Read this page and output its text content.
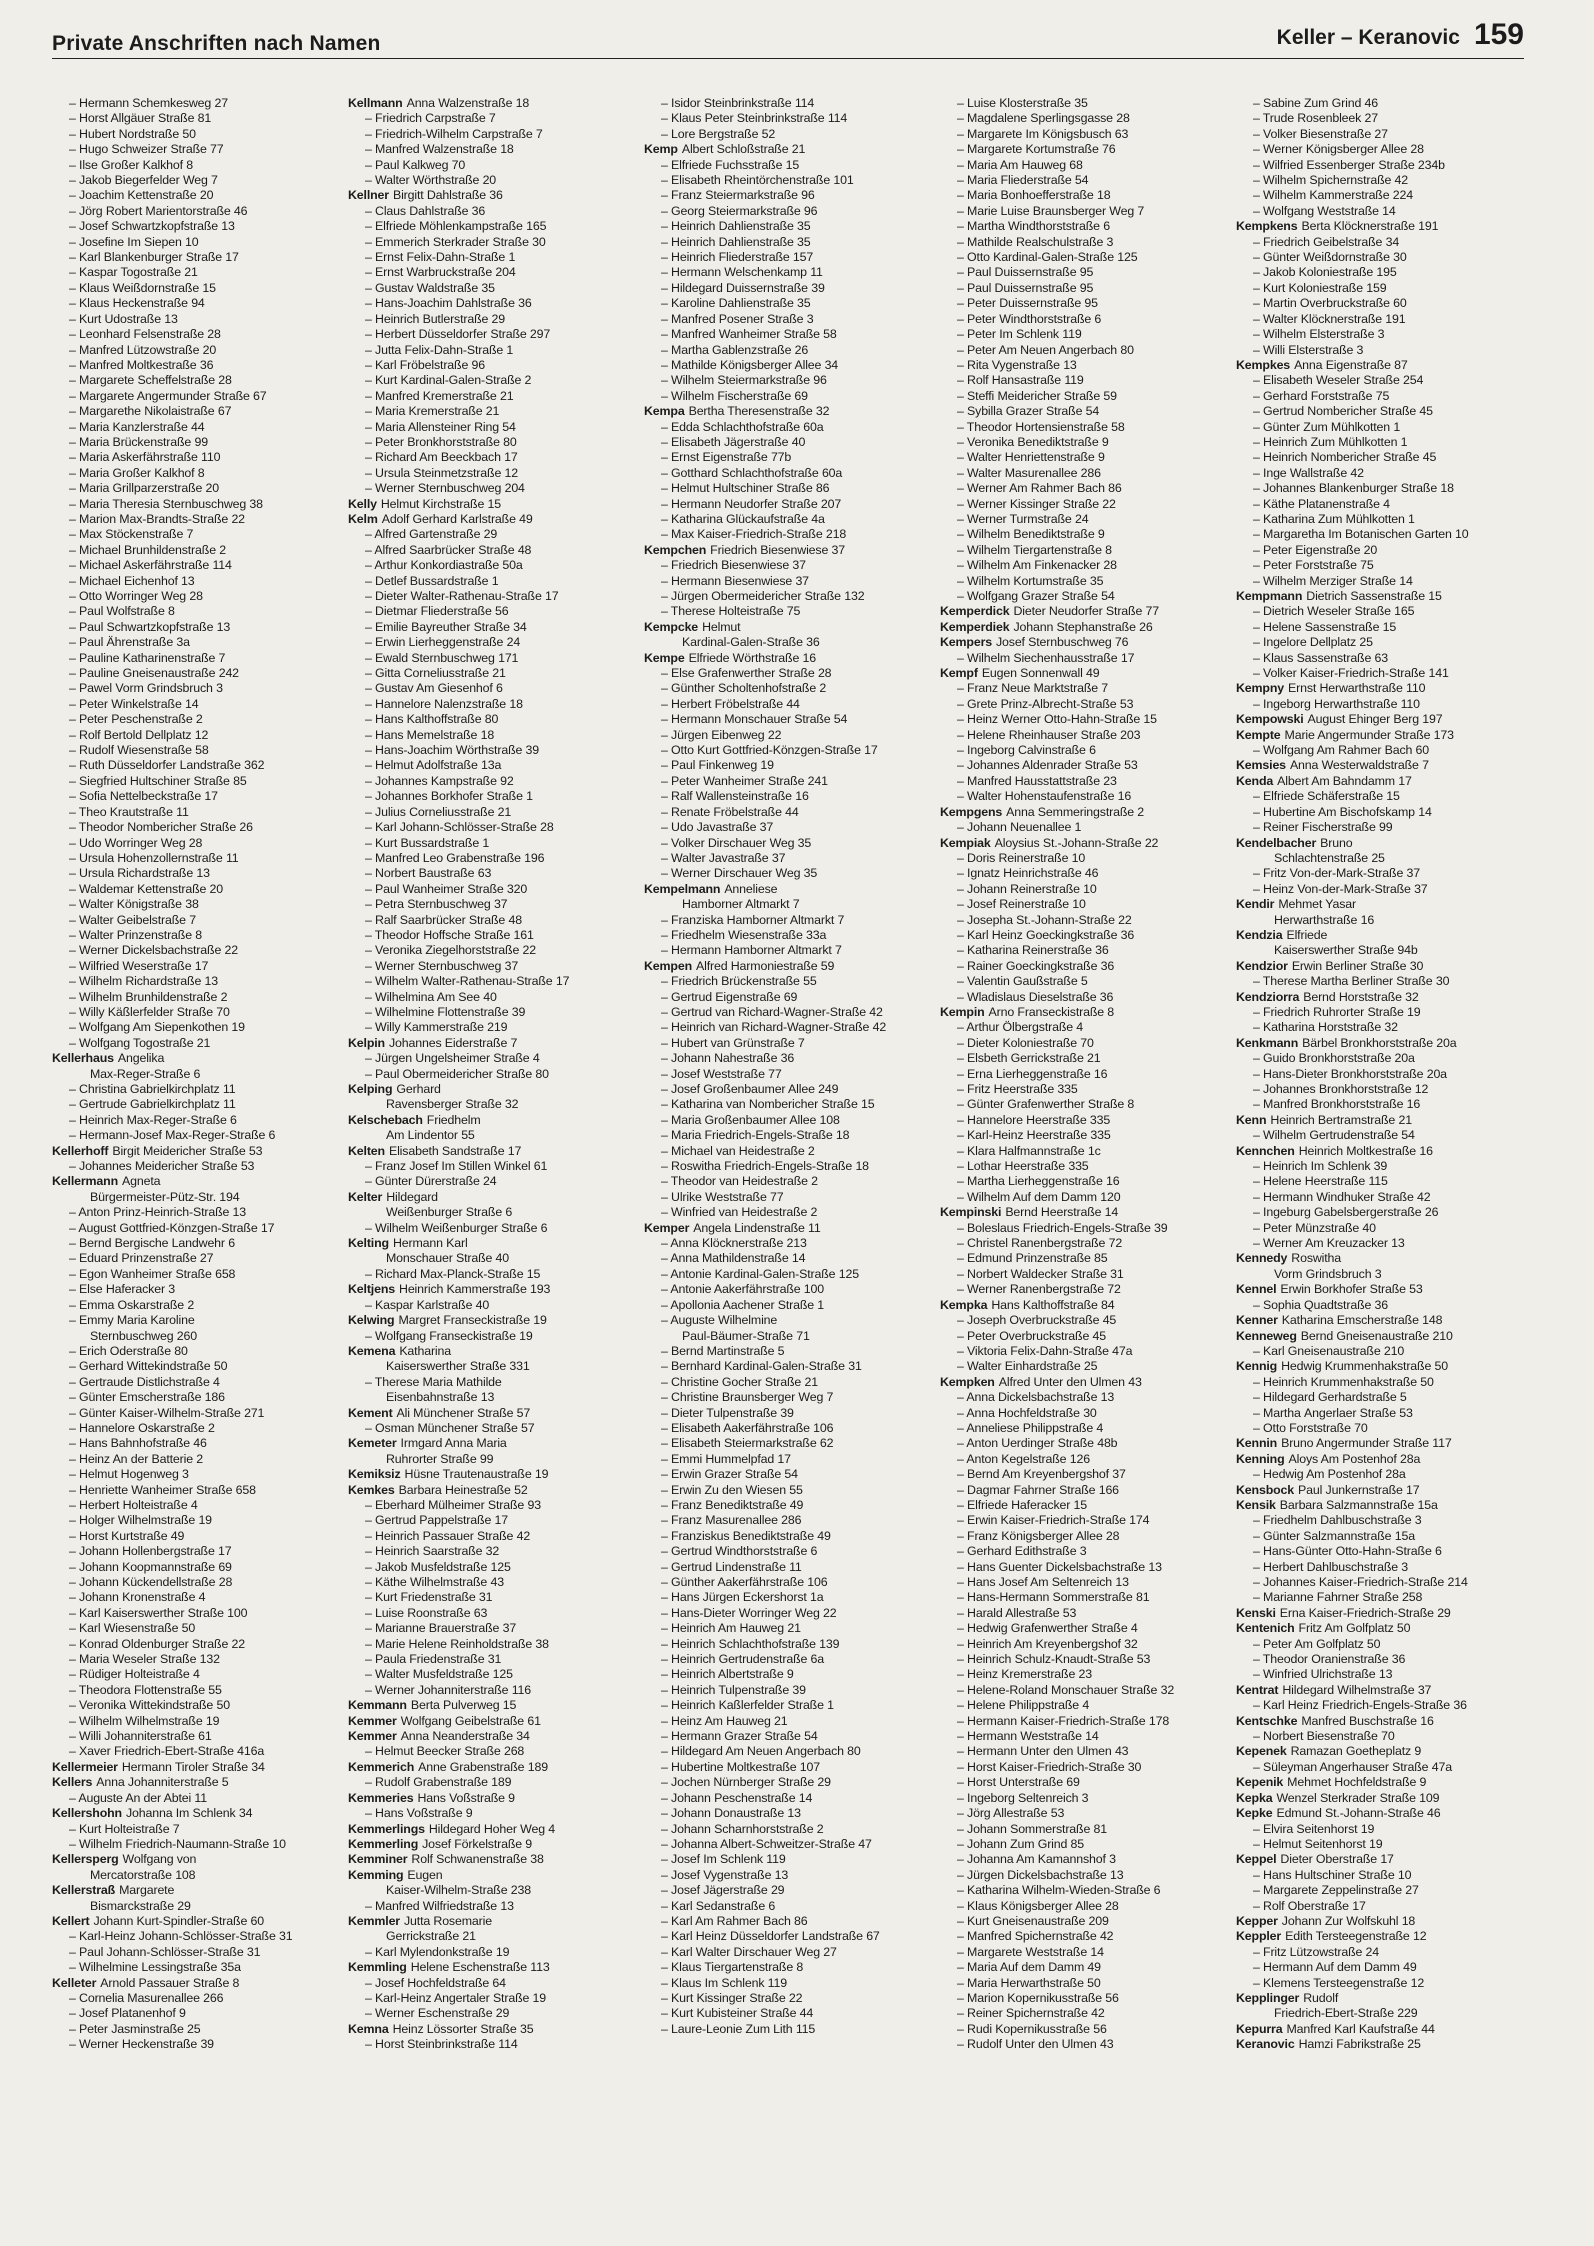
Private Anschriften nach Namen	Keller – Keranovic 159
– Hermann Schemkesweg 27
– Horst Allgäuer Straße 81
– Hubert Nordstraße 50
– Hugo Schweizer Straße 77
– Ilse Großer Kalkhof 8
– Jakob Biegerfelder Weg 7
– Joachim Kettenstraße 20
– Jörg Robert Marientorstraße 46
– Josef Schwartzkopfstraße 13
– Josefine Im Siepen 10
– Karl Blankenburger Straße 17
– Kaspar Togostraße 21
– Klaus Weißdornstraße 15
– Klaus Heckenstraße 94
– Kurt Udostraße 13
– Leonhard Felsenstraße 28
– Manfred Lützowstraße 20
– Manfred Moltkestraße 36
– Margarete Scheffelstraße 28
– Margarete Angermunder Straße 67
– Margarethe Nikolaistraße 67
– Maria Kanzlerstraße 44
– Maria Brückenstraße 99
– Maria Askerfährstraße 110
– Maria Großer Kalkhof 8
– Maria Grillparzerstraße 20
– Maria Theresia Sternbuschweg 38
– Marion Max-Brandts-Straße 22
– Max Stöckenstraße 7
– Michael Brunhildenstraße 2
– Michael Askerfährstraße 114
– Michael Eichenhof 13
– Otto Worringer Weg 28
– Paul Wolfstraße 8
– Paul Schwartzkopfstraße 13
– Paul Ährenstraße 3a
– Pauline Katharinenstraße 7
– Pauline Gneisenaustraße 242
– Pawel Vorm Grindsbruch 3
– Peter Winkelstraße 14
– Peter Peschenstraße 2
– Rolf Bertold Dellplatz 12
– Rudolf Wiesenstraße 58
– Ruth Düsseldorfer Landstraße 362
– Siegfried Hultschiner Straße 85
– Sofia Nettelbeckstraße 17
– Theo Krautstraße 11
– Theodor Nombericher Straße 26
– Udo Worringer Weg 28
– Ursula Hohenzollernstraße 11
– Ursula Richardstraße 13
– Waldemar Kettenstraße 20
– Walter Königstraße 38
– Walter Geibelstraße 7
– Walter Prinzenstraße 8
– Werner Dickelsbachstraße 22
– Wilfried Weserstraße 17
– Wilhelm Richardstraße 13
– Wilhelm Brunhildenstraße 2
– Willy Käßlerfelder Straße 70
– Wolfgang Am Siepenkothen 19
– Wolfgang Togostraße 21
Kellerhaus Angelika
Max-Reger-Straße 6
– Christina Gabrielkirchplatz 11
– Gertrude Gabrielkirchplatz 11
– Heinrich Max-Reger-Straße 6
– Hermann-Josef Max-Reger-Straße 6
Kellerhoff Birgit Meidericher Straße 53
– Johannes Meidericher Straße 53
Kellermann Agneta
Bürgermeister-Pütz-Str. 194
– Anton Prinz-Heinrich-Straße 13
– August Gottfried-Könzgen-Straße 17
– Bernd Bergische Landwehr 6
– Eduard Prinzenstraße 27
– Egon Wanheimer Straße 658
– Else Haferacker 3
– Emma Oskarstraße 2
– Emmy Maria Karoline
Sternbuschweg 260
– Erich Oderstraße 80
– Gerhard Wittekindstraße 50
– Gertraude Distlichstraße 4
– Günter Emscherstraße 186
– Günter Kaiser-Wilhelm-Straße 271
– Hannelore Oskarstraße 2
– Hans Bahnhofstraße 46
– Heinz An der Batterie 2
– Helmut Hogenweg 3
– Henriette Wanheimer Straße 658
– Herbert Holteistraße 4
– Holger Wilhelmstraße 19
– Horst Kurtstraße 49
– Johann Hollenbergstraße 17
– Johann Koopmannstraße 69
– Johann Kückendellstraße 28
– Johann Kronenstraße 4
– Karl Kaiserswerther Straße 100
– Karl Wiesenstraße 50
– Konrad Oldenburger Straße 22
– Maria Weseler Straße 132
– Rüdiger Holteistraße 4
– Theodora Flottenstraße 55
– Veronika Wittekindstraße 50
– Wilhelm Wilhelmstraße 19
– Willi Johanniterstraße 61
– Xaver Friedrich-Ebert-Straße 416a
Kellermeier Hermann Tiroler Straße 34
Kellers Anna Johanniterstraße 5
– Auguste An der Abtei 11
Kellershohn Johanna Im Schlenk 34
– Kurt Holteistraße 7
– Wilhelm Friedrich-Naumann-Straße 10
Kellersperg Wolfgang von
Mercatorstraße 108
Kellerstraß Margarete
Bismarckstraße 29
Kellert Johann Kurt-Spindler-Straße 60
– Karl-Heinz Johann-Schlösser-Straße 31
– Paul Johann-Schlösser-Straße 31
– Wilhelmine Lessingstraße 35a
Kelleter Arnold Passauer Straße 8
– Cornelia Masurenallee 266
– Josef Platanenhof 9
– Peter Jasminstraße 25
– Werner Heckenstraße 39
Kellmann Anna Walzenstraße 18
– Friedrich Carpstraße 7
– Friedrich-Wilhelm Carpstraße 7
– Manfred Walzenstraße 18
– Paul Kalkweg 70
– Walter Wörthstraße 20
Kellner Birgitt Dahlstraße 36
– Claus Dahlstraße 36
– Elfriede Möhlenkampstraße 165
– Emmerich Sterkrader Straße 30
– Ernst Felix-Dahn-Straße 1
– Ernst Warbruckstraße 204
– Gustav Waldstraße 35
– Hans-Joachim Dahlstraße 36
– Heinrich Butlerstraße 29
– Herbert Düsseldorfer Straße 297
– Jutta Felix-Dahn-Straße 1
– Karl Fröbelstraße 96
– Kurt Kardinal-Galen-Straße 2
– Manfred Kremerstraße 21
– Maria Kremerstraße 21
– Maria Allensteiner Ring 54
– Peter Bronkhorststraße 80
– Richard Am Beeckbach 17
– Ursula Steinmetzstraße 12
– Werner Sternbuschweg 204
Kelly Helmut Kirchstraße 15
Kelm Adolf Gerhard Karlstraße 49
– Alfred Gartenstraße 29
– Alfred Saarbrücker Straße 48
– Arthur Konkordiastraße 50a
– Detlef Bussardstraße 1
– Dieter Walter-Rathenau-Straße 17
– Dietmar Fliederstraße 56
– Emilie Bayreuther Straße 34
– Erwin Lierheggenstraße 24
– Ewald Sternbuschweg 171
– Gitta Corneliusstraße 21
– Gustav Am Giesenhof 6
– Hannelore Nalenzstraße 18
– Hans Kalthoffstraße 80
– Hans Memelstraße 18
– Hans-Joachim Wörthstraße 39
– Helmut Adolfstraße 13a
– Johannes Kampstraße 92
– Johannes Borkhofer Straße 1
– Julius Corneliusstraße 21
– Karl Johann-Schlösser-Straße 28
– Kurt Bussardstraße 1
– Manfred Leo Grabenstraße 196
– Norbert Baustraße 63
– Paul Wanheimer Straße 320
– Petra Sternbuschweg 37
– Ralf Saarbrücker Straße 48
– Theodor Hoffsche Straße 161
– Veronika Ziegelhorststraße 22
– Werner Sternbuschweg 37
– Wilhelm Walter-Rathenau-Straße 17
– Wilhelmina Am See 40
– Wilhelmine Flottenstraße 39
– Willy Kammerstraße 219
Kelpin Johannes Eiderstraße 7
– Jürgen Ungelsheimer Straße 4
– Paul Obermeidericher Straße 80
Kelping Gerhard
Ravensberger Straße 32
Kelschebach Friedhelm
Am Lindentor 55
Kelten Elisabeth Sandstraße 17
– Franz Josef Im Stillen Winkel 61
– Günter Dürerstraße 24
Kelter Hildegard
Weißenburger Straße 6
– Wilhelm Weißenburger Straße 6
Kelting Hermann Karl
Monschauer Straße 40
– Richard Max-Planck-Straße 15
Keltjens Heinrich Kammerstraße 193
– Kaspar Karlstraße 40
Kelwing Margret Franseckistraße 19
– Wolfgang Franseckistraße 19
Kemena Katharina
Kaiserswerther Straße 331
– Therese Maria Mathilde
Eisenbahnstraße 13
Kement Ali Münchener Straße 57
– Osman Münchener Straße 57
Kemeter Irmgard Anna Maria
Ruhrorter Straße 99
Kemiksiz Hüsne Trautenaustraße 19
Kemkes Barbara Heinestraße 52
– Eberhard Mülheimer Straße 93
– Gertrud Pappelstraße 17
– Heinrich Passauer Straße 42
– Heinrich Saarstraße 32
– Jakob Musfeldstraße 125
– Käthe Wilhelmstraße 43
– Kurt Friedenstraße 31
– Luise Roonstraße 63
– Marianne Brauerstraße 37
– Marie Helene Reinholdstraße 38
– Paula Friedenstraße 31
– Walter Musfeldstraße 125
– Werner Johanniterstraße 116
Kemmann Berta Pulverweg 15
Kemmer Wolfgang Geibelstraße 61
Kemmer Anna Neanderstraße 34
– Helmut Beecker Straße 268
Kemmerich Anne Grabenstraße 189
– Rudolf Grabenstraße 189
Kemmeries Hans Voßstraße 9
– Hans Voßstraße 9
Kemmerlings Hildegard Hoher Weg 4
Kemmerling Josef Förkelstraße 9
Kemminer Rolf Schwanenstraße 38
Kemming Eugen
Kaiser-Wilhelm-Straße 238
– Manfred Wilfriedstraße 13
Kemmler Jutta Rosemarie
Gerrickstraße 21
– Karl Mylendonkstraße 19
Kemmling Helene Eschenstraße 113
– Josef Hochfeldstraße 64
– Karl-Heinz Angertaler Straße 19
– Werner Eschenstraße 29
Kemna Heinz Lössorter Straße 35
– Horst Steinbrinkstraße 114
– Isidor Steinbrinkstraße 114
– Klaus Peter Steinbrinkstraße 114
– Lore Bergstraße 52
Kemp Albert Schloßstraße 21
– Elfriede Fuchsstraße 15
– Elisabeth Rheintörchenstraße 101
– Franz Steiermarkstraße 96
– Georg Steiermarkstraße 96
– Heinrich Dahlienstraße 35
– Heinrich Dahlienstraße 35
– Heinrich Fliederstraße 157
– Hermann Welschenkamp 11
– Hildegard Duissernstraße 39
– Karoline Dahlienstraße 35
– Manfred Posener Straße 3
– Manfred Wanheimer Straße 58
– Martha Gablenzstraße 26
– Mathilde Königsberger Allee 34
– Wilhelm Steiermarkstraße 96
– Wilhelm Fischerstraße 69
Kempa Bertha Theresenstraße 32
– Edda Schlachthofstraße 60a
– Elisabeth Jägerstraße 40
– Ernst Eigenstraße 77b
– Gotthard Schlachthofstraße 60a
– Helmut Hultschiner Straße 86
– Hermann Neudorfer Straße 207
– Katharina Glückaufstraße 4a
– Max Kaiser-Friedrich-Straße 218
Kempchen Friedrich Biesenwiese 37
– Friedrich Biesenwiese 37
– Hermann Biesenwiese 37
– Jürgen Obermeidericher Straße 132
– Therese Holteistraße 75
Kempcke Helmut
Kardinal-Galen-Straße 36
Kempe Elfriede Wörthstraße 16
– Else Grafenwerther Straße 28
– Günther Scholtenhofstraße 2
– Herbert Fröbelstraße 44
– Hermann Monschauer Straße 54
– Jürgen Eibenweg 22
– Otto Kurt Gottfried-Könzgen-Straße 17
– Paul Finkenweg 19
– Peter Wanheimer Straße 241
– Ralf Wallensteinstraße 16
– Renate Fröbelstraße 44
– Udo Javastraße 37
– Volker Dirschauer Weg 35
– Walter Javastraße 37
– Werner Dirschauer Weg 35
Kempelmann Anneliese
Hamborner Altmarkt 7
– Franziska Hamborner Altmarkt 7
– Friedhelm Wiesenstraße 33a
– Hermann Hamborner Altmarkt 7
Kempen Alfred Harmoniestraße 59
– Friedrich Brückenstraße 55
– Gertrud Eigenstraße 69
– Gertrud van Richard-Wagner-Straße 42
– Heinrich van Richard-Wagner-Straße 42
– Hubert van Grünstraße 7
– Johann Nahestraße 36
– Josef Weststraße 77
– Josef Großenbaumer Allee 249
– Katharina van Nombericher Straße 15
– Maria Großenbaumer Allee 108
– Maria Friedrich-Engels-Straße 18
– Michael van Heidestraße 2
– Roswitha Friedrich-Engels-Straße 18
– Theodor van Heidestraße 2
– Ulrike Weststraße 77
– Winfried van Heidestraße 2
Kemper Angela Lindenstraße 11
– Anna Klöcknerstraße 213
– Anna Mathildenstraße 14
– Antonie Kardinal-Galen-Straße 125
– Antonie Aakerfährstraße 100
– Apollonia Aachener Straße 1
– Auguste Wilhelmine
Paul-Bäumer-Straße 71
– Bernd Martinstraße 5
– Bernhard Kardinal-Galen-Straße 31
– Christine Gocher Straße 21
– Christine Braunsberger Weg 7
– Dieter Tulpenstraße 39
– Elisabeth Aakerfährstraße 106
– Elisabeth Steiermarkstraße 62
– Emmi Hummelpfad 17
– Erwin Grazer Straße 54
– Erwin Zu den Wiesen 55
– Franz Benediktstraße 49
– Franz Masurenallee 286
– Franziskus Benediktstraße 49
– Gertrud Windthorststraße 6
– Gertrud Lindenstraße 11
– Günther Aakerfährstraße 106
– Hans Jürgen Eckershorst 1a
– Hans-Dieter Worringer Weg 22
– Heinrich Am Hauweg 21
– Heinrich Schlachthofstraße 139
– Heinrich Gertrudenstraße 6a
– Heinrich Albertstraße 9
– Heinrich Tulpenstraße 39
– Heinrich Kaßlerfelder Straße 1
– Heinz Am Hauweg 21
– Hermann Grazer Straße 54
– Hildegard Am Neuen Angerbach 80
– Hubertine Moltkestraße 107
– Jochen Nürnberger Straße 29
– Johann Peschenstraße 14
– Johann Donaustraße 13
– Johann Scharnhorststraße 2
– Johanna Albert-Schweitzer-Straße 47
– Josef Im Schlenk 119
– Josef Vygenstraße 13
– Josef Jägerstraße 29
– Karl Sedanstraße 6
– Karl Am Rahmer Bach 86
– Karl Heinz Düsseldorfer Landstraße 67
– Karl Walter Dirschauer Weg 27
– Klaus Tiergartenstraße 8
– Klaus Im Schlenk 119
– Kurt Kissinger Straße 22
– Kurt Kubisteiner Straße 44
– Laure-Leonie Zum Lith 115
– Luise Klosterstraße 35
– Magdalene Sperlingsgasse 28
– Margarete Im Königsbusch 63
– Margarete Kortumstraße 76
– Maria Am Hauweg 68
– Maria Fliederstraße 54
– Maria Bonhoefferstraße 18
– Marie Luise Braunsberger Weg 7
– Martha Windthorststraße 6
– Mathilde Realschulstraße 3
– Otto Kardinal-Galen-Straße 125
– Paul Duissernstraße 95
– Paul Duissernstraße 95
– Peter Duissernstraße 95
– Peter Windthorststraße 6
– Peter Im Schlenk 119
– Peter Am Neuen Angerbach 80
– Rita Vygenstraße 13
– Rolf Hansastraße 119
– Steffi Meidericher Straße 59
– Sybilla Grazer Straße 54
– Theodor Hortensienstraße 58
– Veronika Benediktstraße 9
– Walter Henriettenstraße 9
– Walter Masurenallee 286
– Werner Am Rahmer Bach 86
– Werner Kissinger Straße 22
– Werner Turmstraße 24
– Wilhelm Benediktstraße 9
– Wilhelm Tiergartenstraße 8
– Wilhelm Am Finkenacker 28
– Wilhelm Kortumstraße 35
– Wolfgang Grazer Straße 54
Kemperdick Dieter Neudorfer Straße 77
Kemperdiek Johann Stephanstraße 26
Kempers Josef Sternbuschweg 76
– Wilhelm Siechenhausstraße 17
Kempf Eugen Sonnenwall 49
– Franz Neue Marktstraße 7
– Grete Prinz-Albrecht-Straße 53
– Heinz Werner Otto-Hahn-Straße 15
– Helene Rheinhauser Straße 203
– Ingeborg Calvinstraße 6
– Johannes Aldenrader Straße 53
– Manfred Hausstattstraße 23
– Walter Hohenstaufenstraße 16
Kempgens Anna Semmeringstraße 2
– Johann Neuenallee 1
Kempiak Aloysius St.-Johann-Straße 22
– Doris Reinerstraße 10
– Ignatz Heinrichstraße 46
– Johann Reinerstraße 10
– Josef Reinerstraße 10
– Josepha St.-Johann-Straße 22
– Karl Heinz Goeckingkstraße 36
– Katharina Reinerstraße 36
– Rainer Goeckingkstraße 36
– Valentin Gaußstraße 5
– Wladislaus Dieselstraße 36
Kempin Arno Franseckistraße 8
– Arthur Ölbergstraße 4
– Dieter Koloniestraße 70
– Elsbeth Gerrickstraße 21
– Erna Lierheggenstraße 16
– Fritz Heerstraße 335
– Günter Grafenwerther Straße 8
– Hannelore Heerstraße 335
– Karl-Heinz Heerstraße 335
– Klara Halfmannstraße 1c
– Lothar Heerstraße 335
– Martha Lierheggenstraße 16
– Wilhelm Auf dem Damm 120
Kempinski Bernd Heerstraße 14
– Boleslaus Friedrich-Engels-Straße 39
– Christel Ranenbergstraße 72
– Edmund Prinzenstraße 85
– Norbert Waldecker Straße 31
– Werner Ranenbergstraße 72
Kempka Hans Kalthoffstraße 84
– Joseph Overbruckstraße 45
– Peter Overbruckstraße 45
– Viktoria Felix-Dahn-Straße 47a
– Walter Einhardstraße 25
Kempken Alfred Unter den Ulmen 43
– Anna Dickelsbachstraße 13
– Anna Hochfeldstraße 30
– Anneliese Philippstraße 4
– Anton Uerdinger Straße 48b
– Anton Kegelstraße 126
– Bernd Am Kreyenbergshof 37
– Dagmar Fahrner Straße 166
– Elfriede Haferacker 15
– Erwin Kaiser-Friedrich-Straße 174
– Franz Königsberger Allee 28
– Gerhard Edithstraße 3
– Hans Guenter Dickelsbachstraße 13
– Hans Josef Am Seltenreich 13
– Hans-Hermann Sommerstraße 81
– Harald Allestraße 53
– Hedwig Grafenwerther Straße 4
– Heinrich Am Kreyenbergshof 32
– Heinrich Schulz-Knaudt-Straße 53
– Heinz Kremerstraße 23
– Helene-Roland Monschauer Straße 32
– Helene Philippstraße 4
– Hermann Kaiser-Friedrich-Straße 178
– Hermann Weststraße 14
– Hermann Unter den Ulmen 43
– Horst Kaiser-Friedrich-Straße 30
– Horst Unterstraße 69
– Ingeborg Seltenreich 3
– Jörg Allestraße 53
– Johann Sommerstraße 81
– Johann Zum Grind 85
– Johanna Am Kamannshof 3
– Jürgen Dickelsbachstraße 13
– Katharina Wilhelm-Wieden-Straße 6
– Klaus Königsberger Allee 28
– Kurt Gneisenaustraße 209
– Manfred Spichernstraße 42
– Margarete Weststraße 14
– Maria Auf dem Damm 49
– Maria Herwarthstraße 50
– Marion Kopernikusstraße 56
– Reiner Spichernstraße 42
– Rudi Kopernikusstraße 56
– Rudolf Unter den Ulmen 43
– Sabine Zum Grind 46
– Trude Rosenbleek 27
– Volker Biesenstraße 27
– Werner Königsberger Allee 28
– Wilfried Essenberger Straße 234b
– Wilhelm Spichernstraße 42
– Wilhelm Kammerstraße 224
– Wolfgang Weststraße 14
Kempkens Berta Klöcknerstraße 191
– Friedrich Geibelstraße 34
– Günter Weißdornstraße 30
– Jakob Koloniestraße 195
– Kurt Koloniestraße 159
– Martin Overbruckstraße 60
– Walter Klöcknerstraße 191
– Wilhelm Elsterstraße 3
– Willi Elsterstraße 3
Kempkes Anna Eigenstraße 87
– Elisabeth Weseler Straße 254
– Gerhard Forststraße 75
– Gertrud Nombericher Straße 45
– Günter Zum Mühlkotten 1
– Heinrich Zum Mühlkotten 1
– Heinrich Nombericher Straße 45
– Inge Wallstraße 42
– Johannes Blankenburger Straße 18
– Käthe Platanenstraße 4
– Katharina Zum Mühlkotten 1
– Margaretha Im Botanischen Garten 10
– Peter Eigenstraße 20
– Peter Forststraße 75
– Wilhelm Merziger Straße 14
Kempmann Dietrich Sassenstraße 15
– Dietrich Weseler Straße 165
– Helene Sassenstraße 15
– Ingelore Dellplatz 25
– Klaus Sassenstraße 63
– Volker Kaiser-Friedrich-Straße 141
Kempny Ernst Herwarthstraße 110
– Ingeborg Herwarthstraße 110
Kempowski August Ehinger Berg 197
Kempte Marie Angermunder Straße 173
– Wolfgang Am Rahmer Bach 60
Kemsies Anna Westerwaldstraße 7
Kenda Albert Am Bahndamm 17
– Elfriede Schäferstraße 15
– Hubertine Am Bischofskamp 14
– Reiner Fischerstraße 99
Kendelbacher Bruno
Schlachtenstraße 25
– Fritz Von-der-Mark-Straße 37
– Heinz Von-der-Mark-Straße 37
Kendir Mehmet Yasar
Herwarthstraße 16
Kendzia Elfriede
Kaiserswerther Straße 94b
Kendzior Erwin Berliner Straße 30
– Therese Martha Berliner Straße 30
Kendziorra Bernd Horststraße 32
– Friedrich Ruhrorter Straße 19
– Katharina Horststraße 32
Kenkmann Bärbel Bronkhorststraße 20a
– Guido Bronkhorststraße 20a
– Hans-Dieter Bronkhorststraße 20a
– Johannes Bronkhorststraße 12
– Manfred Bronkhorststraße 16
Kenn Heinrich Bertramstraße 21
– Wilhelm Gertrudenstraße 54
Kennchen Heinrich Moltkestraße 16
– Heinrich Im Schlenk 39
– Helene Heerstraße 115
– Hermann Windhuker Straße 42
– Ingeburg Gabelsbergerstraße 26
– Peter Münzstraße 40
– Werner Am Kreuzacker 13
Kennedy Roswitha
Vorm Grindsbruch 3
Kennel Erwin Borkhofer Straße 53
– Sophia Quadtstraße 36
Kenner Katharina Emscherstraße 148
Kenneweg Bernd Gneisenaustraße 210
– Karl Gneisenaustraße 210
Kennig Hedwig Krummenhakstraße 50
– Heinrich Krummenhakstraße 50
– Hildegard Gerhardstraße 5
– Marthа Angerlaer Straße 53
– Otto Forststraße 70
Kennin Bruno Angermunder Straße 117
Kenning Aloys Am Postenhof 28a
– Hedwig Am Postenhof 28a
Kensbock Paul Junkernstraße 17
Kensik Barbara Salzmannstraße 15a
– Friedhelm Dahlbuschstraße 3
– Günter Salzmannstraße 15a
– Hans-Günter Otto-Hahn-Straße 6
– Herbert Dahlbuschstraße 3
– Johannes Kaiser-Friedrich-Straße 214
– Marianne Fahrner Straße 258
Kenski Erna Kaiser-Friedrich-Straße 29
Kentenich Fritz Am Golfplatz 50
– Peter Am Golfplatz 50
– Theodor Oranienstraße 36
– Winfried Ulrichstraße 13
Kentrat Hildegard Wilhelmstraße 37
– Karl Heinz Friedrich-Engels-Straße 36
Kentschke Manfred Buschstraße 16
– Norbert Biesenstraße 70
Kepenek Ramazan Goetheplatz 9
– Süleyman Angerhauser Straße 47a
Kepenik Mehmet Hochfeldstraße 9
Kepka Wenzel Sterkrader Straße 109
Kepke Edmund St.-Johann-Straße 46
– Elvira Seitenhorst 19
– Helmut Seitenhorst 19
Keppel Dieter Oberstraße 17
– Hans Hultschiner Straße 10
– Margarete Zeppelinstraße 27
– Rolf Oberstraße 17
Kepper Johann Zur Wolfskuhl 18
Keppler Edith Tersteegenstraße 12
– Fritz Lützowstraße 24
– Hermann Auf dem Damm 49
– Klemens Tersteegenstraße 12
Kepplinger Rudolf
Friedrich-Ebert-Straße 229
Kepurra Manfred Karl Kaufstraße 44
Keranovic Hamzi Fabrikstraße 25
